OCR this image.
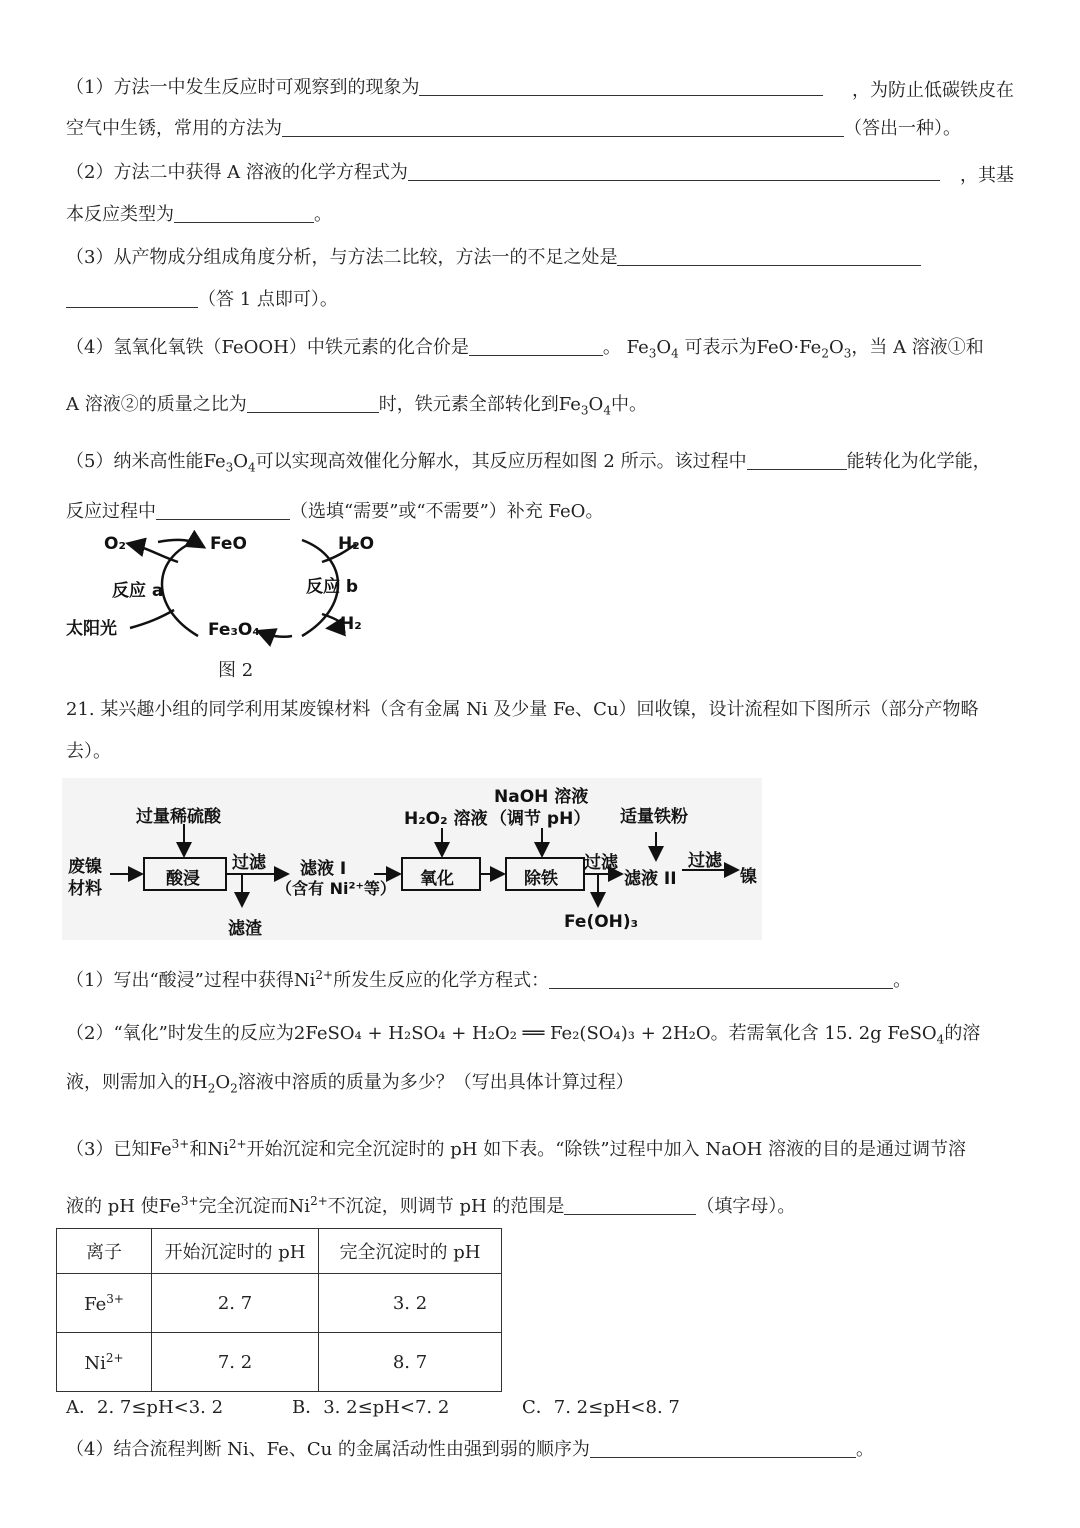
（1）方法一中发生反应时可观察到的现象为	，为防止低碳铁皮在
空气中生锈，常用的方法为	（答出一种）。
（2）方法二中获得 A 溶液的化学方程式为	，其基
本反应类型为	。
（3）从产物成分组成角度分析，与方法二比较，方法一的不足之处是
（答 1 点即可）。
（4）氢氧化氧铁（FeOOH）中铁元素的化合价是	。 $Fe_3O_4$ 可表示为$FeO\cdot Fe_2O_3$，当 A 溶液①和
A 溶液②的质量之比为	时，铁元素全部转化到$Fe_3O_4$中。
（5）纳米高性能$Fe_3O_4$可以实现高效催化分解水，其反应历程如图 2 所示。该过程中	能转化为化学能，
反应过程中	（选填“需要”或“不需要”）补充 FeO。
O₂	FeO	H₂O
反应 a	反应 b
太阳光	Fe₃O₄	H₂
图 2
21. 某兴趣小组的同学利用某废镍材料（含有金属 Ni 及少量 Fe、Cu）回收镍，设计流程如下图所示（部分产物略
去）。
废镍
材料
过量稀硫酸
酸浸
过滤
滤渣
滤液 I
（含有 Ni²⁺等）
H₂O₂ 溶液
氧化
NaOH 溶液
（调节 pH）
除铁
过滤
Fe(OH)₃
适量铁粉
滤液 II
过滤
镍
（1）写出“酸浸”过程中获得$Ni^{2+}$所发生反应的化学方程式：	。
（2）“氧化”时发生的反应为2FeSO₄ + H₂SO₄ + H₂O₂ ══ Fe₂(SO₄)₃ + 2H₂O。若需氧化含 15. 2g FeSO$_4$的溶
液，则需加入的$H_2O_2$溶液中溶质的质量为多少？（写出具体计算过程）
（3）已知$Fe^{3+}$和$Ni^{2+}$开始沉淀和完全沉淀时的 pH 如下表。“除铁”过程中加入 NaOH 溶液的目的是通过调节溶
液的 pH 使$Fe^{3+}$完全沉淀而$Ni^{2+}$不沉淀，则调节 pH 的范围是	（填字母）。
离子	开始沉淀时的 pH	完全沉淀时的 pH
$Fe^{3+}$	2. 7	3. 2
$Ni^{2+}$	7. 2	8. 7
A．2. 7≤pH<3. 2	B．3. 2≤pH<7. 2	C．7. 2≤pH<8. 7
（4）结合流程判断 Ni、Fe、Cu 的金属活动性由强到弱的顺序为	。
